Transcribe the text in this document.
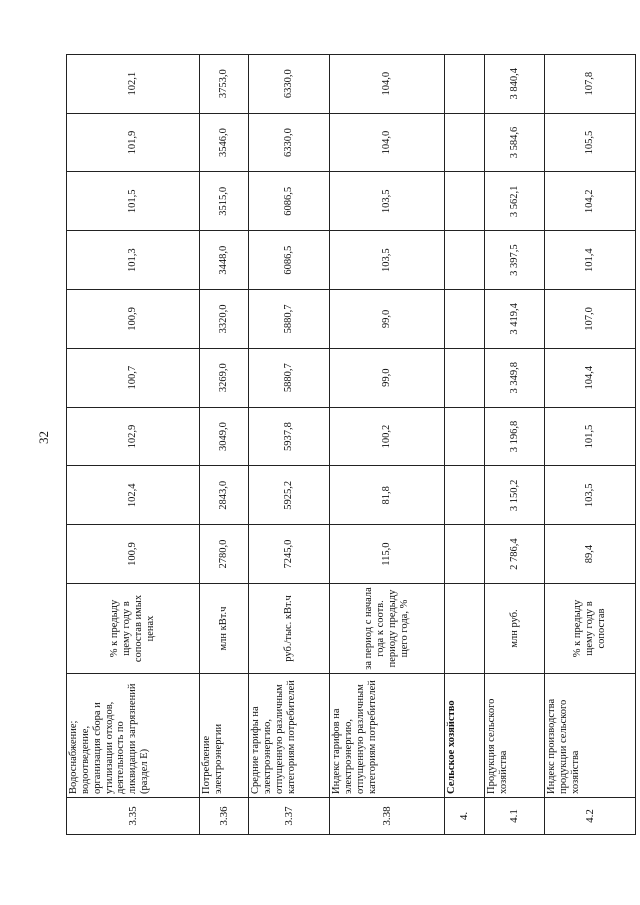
32
3.35	Водоснабжение; водоотведение, организация сбора и утилизации отходов, деятельность по ликвидации загрязнений (раздел Е)	% к предыду щему году в сопостав имых ценах	100,9	102,4	102,9	100,7	100,9	101,3	101,5	101,9	102,1
3.36	Потребление электроэнергии	млн кВт.ч	2780,0	2843,0	3049,0	3269,0	3320,0	3448,0	3515,0	3546,0	3753,0
3.37	Средние тарифы на электроэнергию, отпущенную различным категориям потребителей	руб./тыс. кВт.ч	7245,0	5925,2	5937,8	5880,7	5880,7	6086,5	6086,5	6330,0	6330,0
3.38	Индекс тарифов на электроэнергию, отпущенную различным категориям потребителей	за период с начала года к соотв. периоду предыду щего года, %	115,0	81,8	100,2	99,0	99,0	103,5	103,5	104,0	104,0
4.	Сельское хозяйство										
4.1	Продукция сельского хозяйства	млн руб.	2 786,4	3 150,2	3 196,8	3 349,8	3 419,4	3 397,5	3 562,1	3 584,6	3 840,4
4.2	Индекс производства продукции сельского хозяйства	% к предыду щему году в сопостав	89,4	103,5	101,5	104,4	107,0	101,4	104,2	105,5	107,8
